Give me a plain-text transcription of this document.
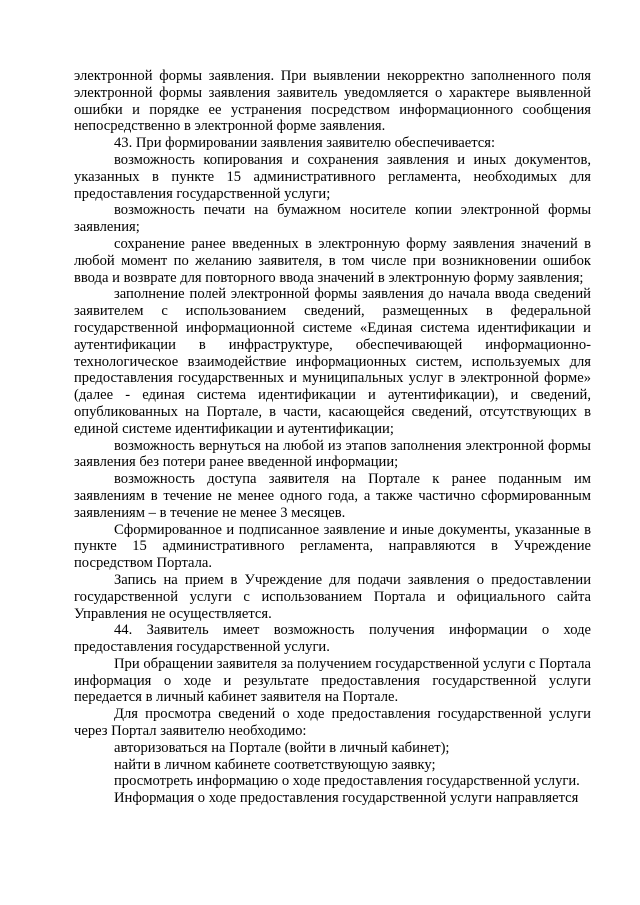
электронной формы заявления. При выявлении некорректно заполненного поля электронной формы заявления заявитель уведомляется о характере выявленной ошибки и порядке ее устранения посредством информационного сообщения непосредственно в электронной форме заявления.

43. При формировании заявления заявителю обеспечивается:

возможность копирования и сохранения заявления и иных документов, указанных в пункте 15 административного регламента, необходимых для предоставления государственной услуги;

возможность печати на бумажном носителе копии электронной формы заявления;

сохранение ранее введенных в электронную форму заявления значений в любой момент по желанию заявителя, в том числе при возникновении ошибок ввода и возврате для повторного ввода значений в электронную форму заявления;

заполнение полей электронной формы заявления до начала ввода сведений заявителем с использованием сведений, размещенных в федеральной государственной информационной системе «Единая система идентификации и аутентификации в инфраструктуре, обеспечивающей информационно-технологическое взаимодействие информационных систем, используемых для предоставления государственных и муниципальных услуг в электронной форме» (далее - единая система идентификации и аутентификации), и сведений, опубликованных на Портале, в части, касающейся сведений, отсутствующих в единой системе идентификации и аутентификации;

возможность вернуться на любой из этапов заполнения электронной формы заявления без потери ранее введенной информации;

возможность доступа заявителя на Портале к ранее поданным им заявлениям в течение не менее одного года, а также частично сформированным заявлениям – в течение не менее 3 месяцев.

Сформированное и подписанное заявление и иные документы, указанные в пункте 15 административного регламента, направляются в Учреждение посредством Портала.

Запись на прием в Учреждение для подачи заявления о предоставлении государственной услуги с использованием Портала и официального сайта Управления не осуществляется.

44. Заявитель имеет возможность получения информации о ходе предоставления государственной услуги.

При обращении заявителя за получением государственной услуги с Портала информация о ходе и результате предоставления государственной услуги передается в личный кабинет заявителя на Портале.

Для просмотра сведений о ходе предоставления государственной услуги через Портал заявителю необходимо:

авторизоваться на Портале (войти в личный кабинет);

найти в личном кабинете соответствующую заявку;

просмотреть информацию о ходе предоставления государственной услуги.

Информация о ходе предоставления государственной услуги направляется
